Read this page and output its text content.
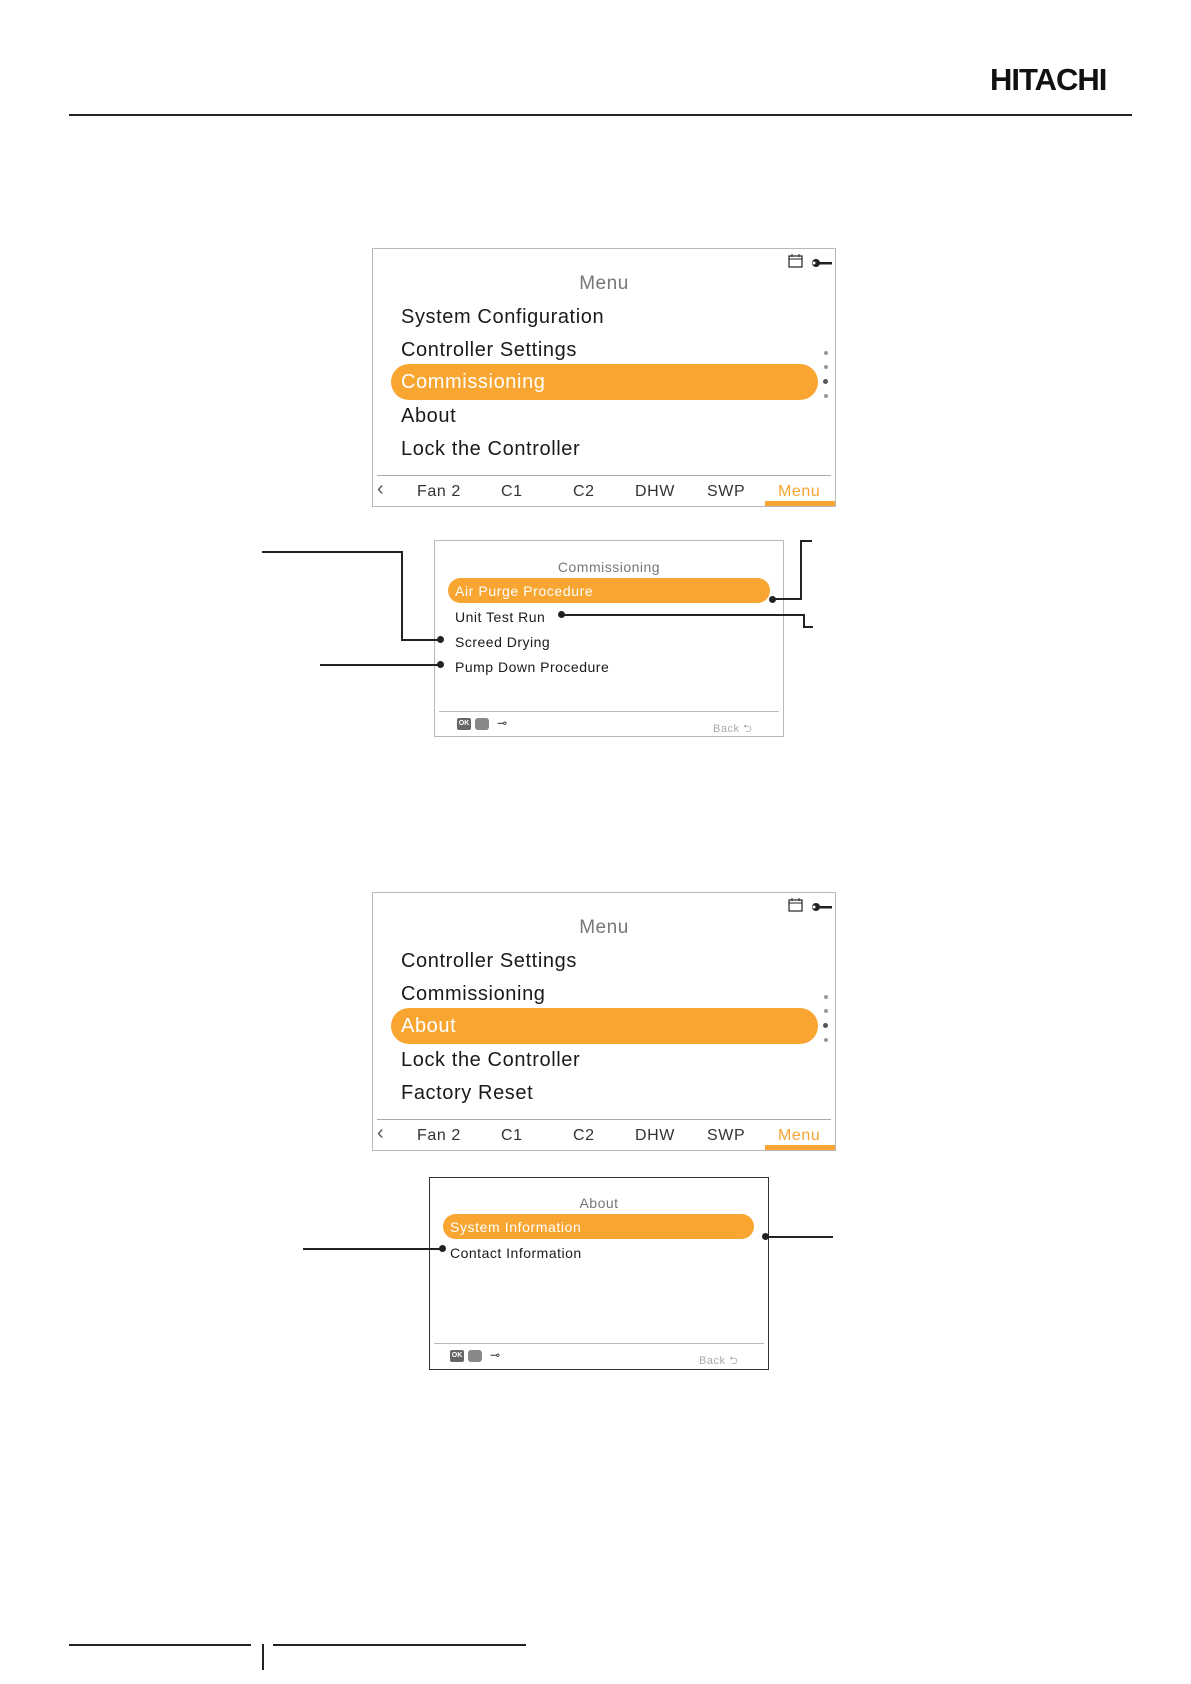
HITACHI

Menu
System Configuration
Controller Settings
Commissioning
About
Lock the Controller
‹ Fan 2	C1	C2	DHW SWP Menu
Commissioning
Air Purge Procedure
Unit Test Run
Screed Drying
Pump Down Procedure
OK ⊸	Back ⮌

Menu
Controller Settings
Commissioning
About
Lock the Controller
Factory Reset
‹ Fan 2	C1	C2	DHW SWP Menu
About
System Information
Contact Information
OK ⊸	Back ⮌
